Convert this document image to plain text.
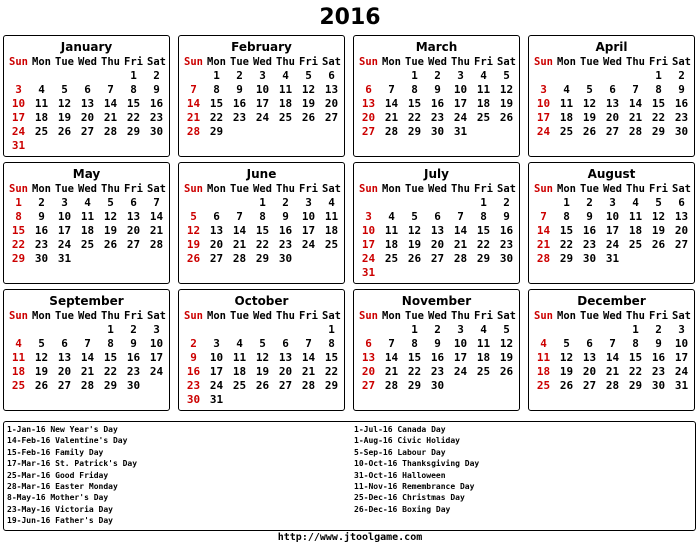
2016
January
Sun	Mon	Tue	Wed	Thu	Fri	Sat
					1	2
3	4	5	6	7	8	9
10	11	12	13	14	15	16
17	18	19	20	21	22	23
24	25	26	27	28	29	30
31						
February
Sun	Mon	Tue	Wed	Thu	Fri	Sat
	1	2	3	4	5	6
7	8	9	10	11	12	13
14	15	16	17	18	19	20
21	22	23	24	25	26	27
28	29					
March
Sun	Mon	Tue	Wed	Thu	Fri	Sat
		1	2	3	4	5
6	7	8	9	10	11	12
13	14	15	16	17	18	19
20	21	22	23	24	25	26
27	28	29	30	31		
April
Sun	Mon	Tue	Wed	Thu	Fri	Sat
					1	2
3	4	5	6	7	8	9
10	11	12	13	14	15	16
17	18	19	20	21	22	23
24	25	26	27	28	29	30
May
Sun	Mon	Tue	Wed	Thu	Fri	Sat
1	2	3	4	5	6	7
8	9	10	11	12	13	14
15	16	17	18	19	20	21
22	23	24	25	26	27	28
29	30	31				
June
Sun	Mon	Tue	Wed	Thu	Fri	Sat
			1	2	3	4
5	6	7	8	9	10	11
12	13	14	15	16	17	18
19	20	21	22	23	24	25
26	27	28	29	30		
July
Sun	Mon	Tue	Wed	Thu	Fri	Sat
					1	2
3	4	5	6	7	8	9
10	11	12	13	14	15	16
17	18	19	20	21	22	23
24	25	26	27	28	29	30
31						
August
Sun	Mon	Tue	Wed	Thu	Fri	Sat
	1	2	3	4	5	6
7	8	9	10	11	12	13
14	15	16	17	18	19	20
21	22	23	24	25	26	27
28	29	30	31			
September
Sun	Mon	Tue	Wed	Thu	Fri	Sat
				1	2	3
4	5	6	7	8	9	10
11	12	13	14	15	16	17
18	19	20	21	22	23	24
25	26	27	28	29	30	
October
Sun	Mon	Tue	Wed	Thu	Fri	Sat
						1
2	3	4	5	6	7	8
9	10	11	12	13	14	15
16	17	18	19	20	21	22
23	24	25	26	27	28	29
30	31					
November
Sun	Mon	Tue	Wed	Thu	Fri	Sat
		1	2	3	4	5
6	7	8	9	10	11	12
13	14	15	16	17	18	19
20	21	22	23	24	25	26
27	28	29	30			
December
Sun	Mon	Tue	Wed	Thu	Fri	Sat
				1	2	3
4	5	6	7	8	9	10
11	12	13	14	15	16	17
18	19	20	21	22	23	24
25	26	27	28	29	30	31
1-Jan-16 New Year's Day
14-Feb-16 Valentine's Day
15-Feb-16 Family Day
17-Mar-16 St. Patrick's Day
25-Mar-16 Good Friday
28-Mar-16 Easter Monday
8-May-16 Mother's Day
23-May-16 Victoria Day
19-Jun-16 Father's Day
1-Jul-16 Canada Day
1-Aug-16 Civic Holiday
5-Sep-16 Labour Day
10-Oct-16 Thanksgiving Day
31-Oct-16 Halloween
11-Nov-16 Remembrance Day
25-Dec-16 Christmas Day
26-Dec-16 Boxing Day
http://www.jtoolgame.com
